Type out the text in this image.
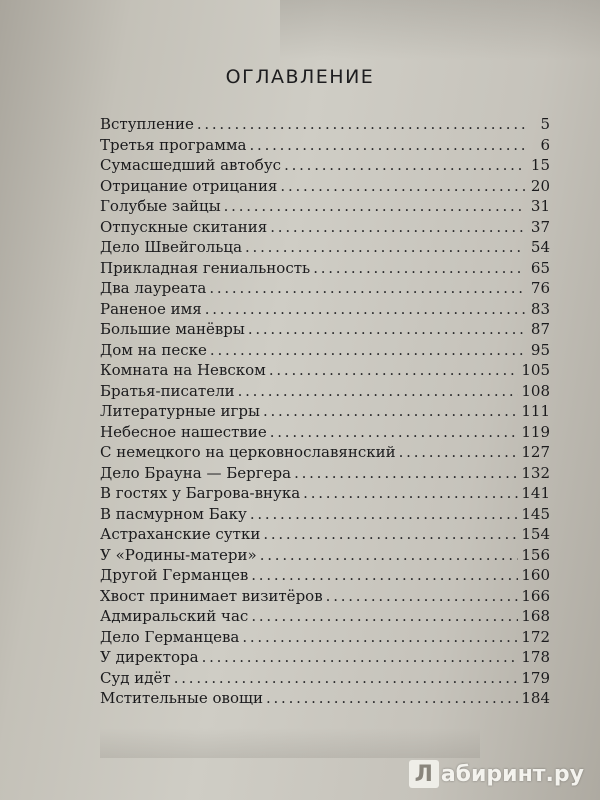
ОГЛАВЛЕНИЕ
Вступление . . .	5
Третья программа . . .	6
Сумасшедший автобус . . .	15
Отрицание отрицания . . .	20
Голубые зайцы . . .	31
Отпускные скитания . . .	37
Дело Швейгольца . . .	54
Прикладная гениальность . . .	65
Два лауреата . . .	76
Раненое имя . . .	83
Большие манёвры . . .	87
Дом на песке . . .	95
Комната на Невском . . .	105
Братья-писатели . . .	108
Литературные игры . . .	111
Небесное нашествие . . .	119
С немецкого на церковнославянский . . .	127
Дело Брауна — Бергера . . .	132
В гостях у Багрова-внука . . .	141
В пасмурном Баку . . .	145
Астраханские сутки . . .	154
У «Родины-матери» . . .	156
Другой Германцев . . .	160
Хвост принимает визитёров . . .	166
Адмиральский час . . .	168
Дело Германцева . . .	172
У директора . . .	178
Суд идёт . . .	179
Мстительные овощи . . .	184
Л абиринт.ру
